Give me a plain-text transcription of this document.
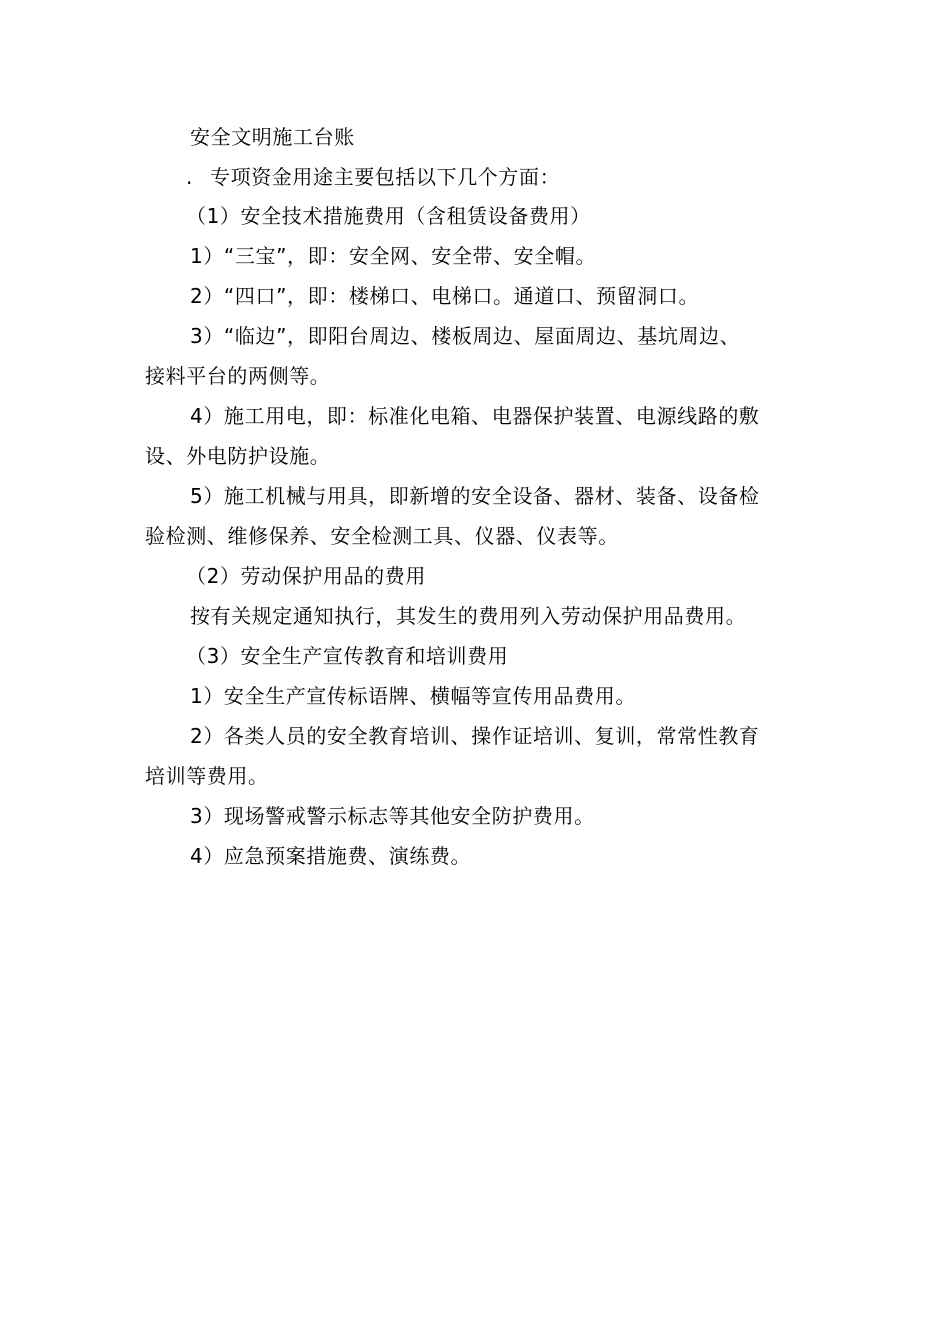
安全文明施工台账
. 专项资金用途主要包括以下几个方面：
（1）安全技术措施费用（含租赁设备费用）
1）“三宝”，即：安全网、安全带、安全帽。
2）“四口”，即：楼梯口、电梯口。通道口、预留洞口。
3）“临边”，即阳台周边、楼板周边、屋面周边、基坑周边、
接料平台的两侧等。
4）施工用电，即：标准化电箱、电器保护装置、电源线路的敷
设、外电防护设施。
5）施工机械与用具，即新增的安全设备、器材、装备、设备检
验检测、维修保养、安全检测工具、仪器、仪表等。
（2）劳动保护用品的费用
按有关规定通知执行，其发生的费用列入劳动保护用品费用。
（3）安全生产宣传教育和培训费用
1）安全生产宣传标语牌、横幅等宣传用品费用。
2）各类人员的安全教育培训、操作证培训、复训，常常性教育
培训等费用。
3）现场警戒警示标志等其他安全防护费用。
4）应急预案措施费、演练费。
